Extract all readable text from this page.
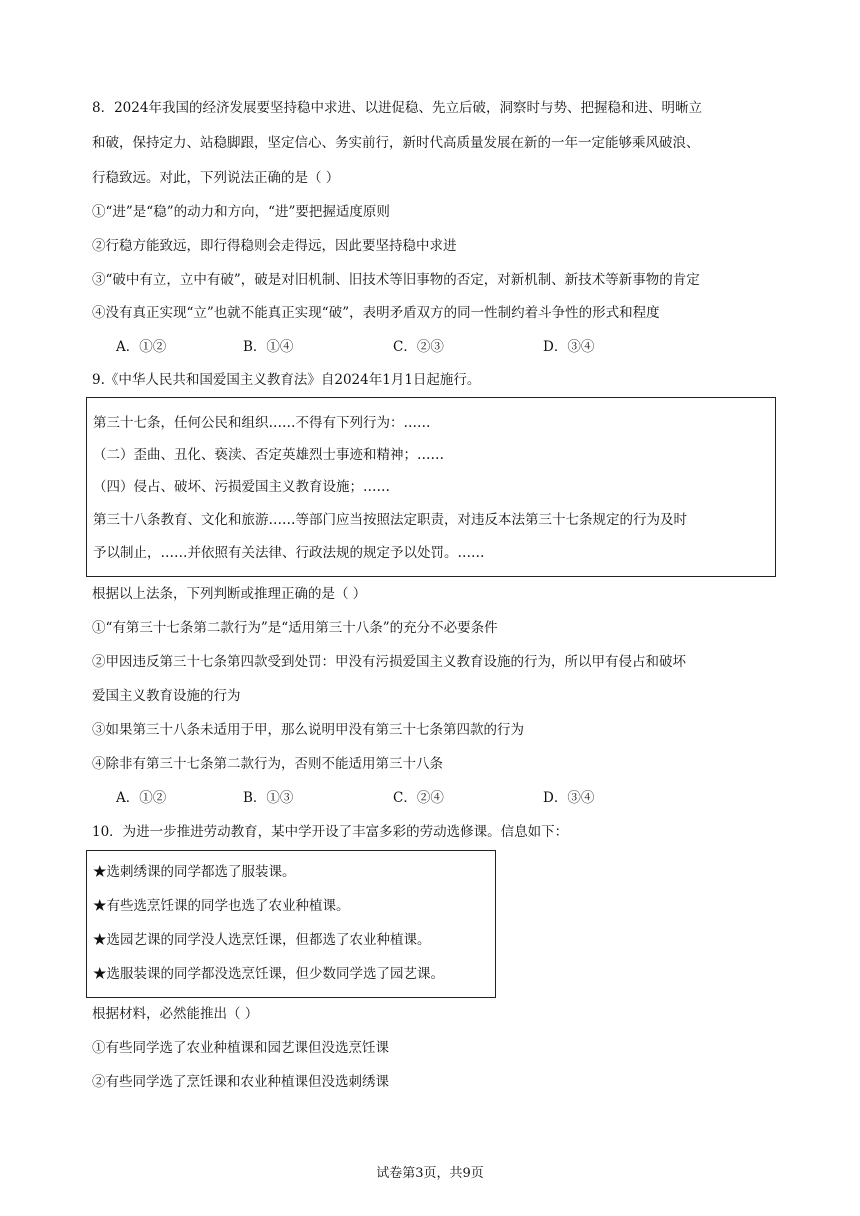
8．2024年我国的经济发展要坚持稳中求进、以进促稳、先立后破，洞察时与势、把握稳和进、明晰立
和破，保持定力、站稳脚跟，坚定信心、务实前行，新时代高质量发展在新的一年一定能够乘风破浪、
行稳致远。对此，下列说法正确的是（ ）
①“进”是“稳”的动力和方向，“进”要把握适度原则
②行稳方能致远，即行得稳则会走得远，因此要坚持稳中求进
③“破中有立，立中有破”，破是对旧机制、旧技术等旧事物的否定，对新机制、新技术等新事物的肯定
④没有真正实现“立”也就不能真正实现“破”，表明矛盾双方的同一性制约着斗争性的形式和程度
A．①②	B．①④	C．②③	D．③④
9.《中华人民共和国爱国主义教育法》自2024年1月1日起施行。
第三十七条，任何公民和组织……不得有下列行为：……
（二）歪曲、丑化、亵渎、否定英雄烈士事迹和精神；……
（四）侵占、破坏、污损爱国主义教育设施；……
第三十八条教育、文化和旅游……等部门应当按照法定职责，对违反本法第三十七条规定的行为及时
予以制止，……并依照有关法律、行政法规的规定予以处罚。……
根据以上法条，下列判断或推理正确的是（ ）
①“有第三十七条第二款行为”是“适用第三十八条”的充分不必要条件
②甲因违反第三十七条第四款受到处罚：甲没有污损爱国主义教育设施的行为，所以甲有侵占和破坏
爱国主义教育设施的行为
③如果第三十八条未适用于甲，那么说明甲没有第三十七条第四款的行为
④除非有第三十七条第二款行为，否则不能适用第三十八条
A．①②	B．①③	C．②④	D．③④
10．为进一步推进劳动教育，某中学开设了丰富多彩的劳动选修课。信息如下：
★选刺绣课的同学都选了服装课。
★有些选烹饪课的同学也选了农业种植课。
★选园艺课的同学没人选烹饪课，但都选了农业种植课。
★选服装课的同学都没选烹饪课，但少数同学选了园艺课。
根据材料，必然能推出（ ）
①有些同学选了农业种植课和园艺课但没选烹饪课
②有些同学选了烹饪课和农业种植课但没选刺绣课
试卷第3页，共9页
